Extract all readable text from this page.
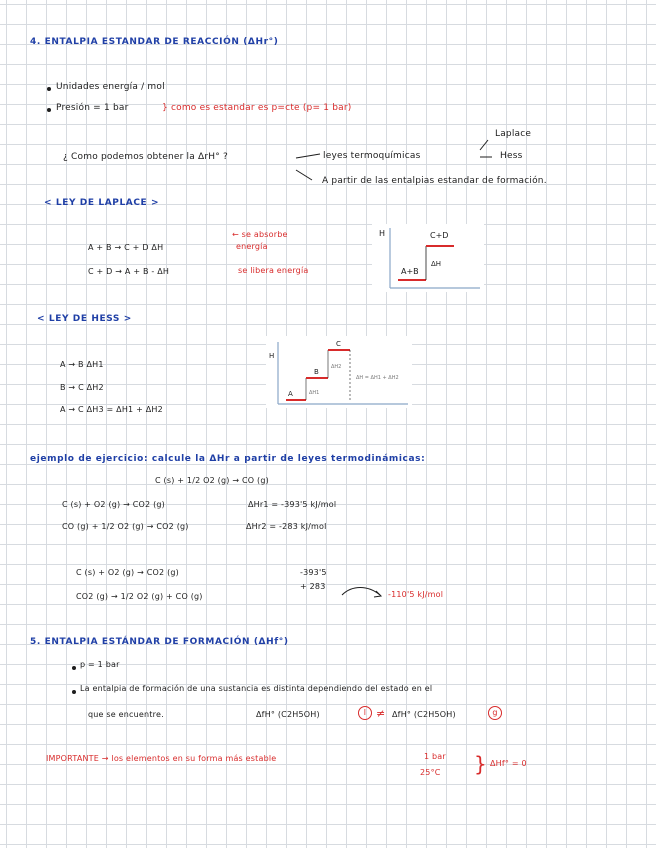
4. ENTALPIA ESTANDAR DE REACCIÓN (ΔHr°)
Unidades energía / mol
Presión = 1 bar	} como es estandar es p=cte (p= 1 bar)
¿ Como podemos obtener la ΔrH° ?	leyes termoquímicas
Laplace
Hess
A partir de las entalpias estandar de formación.
< LEY DE LAPLACE >
A + B → C + D ΔH
← se absorbe
energía
C + D → A + B - ΔH	se libera energía
H	C+D
A+B
ΔH
< LEY DE HESS >
A → B ΔH1
B → C ΔH2
A → C ΔH3 = ΔH1 + ΔH2
H
A
B
C
ΔH1
ΔH2
ΔH = ΔH1 + ΔH2
ejemplo de ejercicio: calcule la ΔHr a partir de leyes termodinámicas:
C (s) + 1/2 O2 (g) → CO (g)
C (s) + O2 (g) → CO2 (g)	ΔHr1 = -393'5 kJ/mol
CO (g) + 1/2 O2 (g) → CO2 (g)	ΔHr2 = -283 kJ/mol
C (s) + O2 (g) → CO2 (g)	-393'5
CO2 (g) → 1/2 O2 (g) + CO (g)
+ 283
-110'5 kJ/mol
5. ENTALPIA ESTÁNDAR DE FORMACIÓN (ΔHf°)
p = 1 bar
La entalpia de formación de una sustancia es distinta dependiendo del estado en el
que se encuentre.	ΔfH° (C2H5OH)	l ≠ ΔfH° (C2H5OH)	g
IMPORTANTE → los elementos en su forma más estable	1 bar
25°C } ΔHf° = 0
